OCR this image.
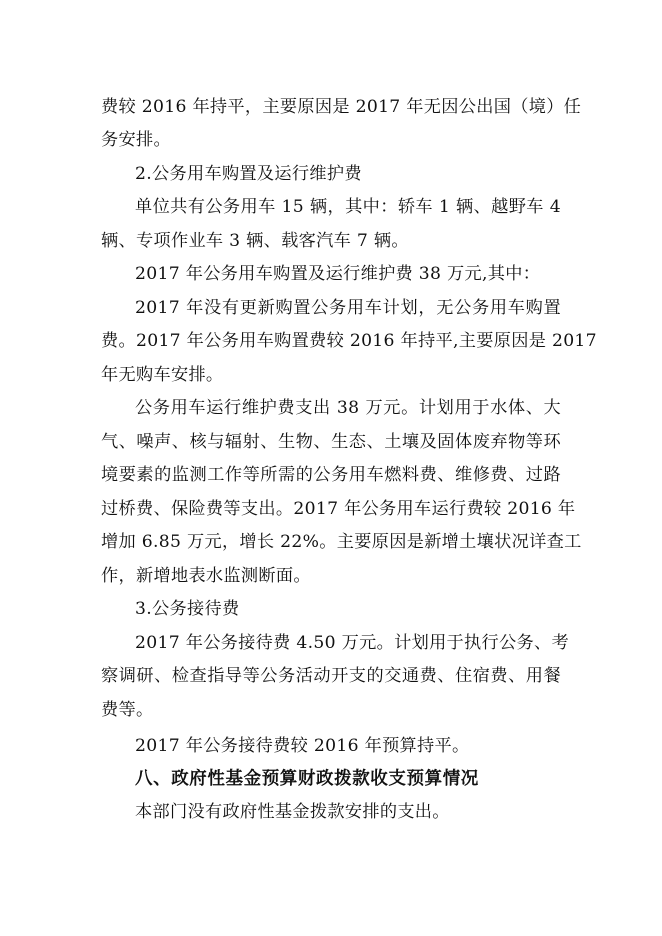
费较 2016 年持平，主要原因是 2017 年无因公出国（境）任
务安排。
2.公务用车购置及运行维护费
单位共有公务用车 15 辆，其中：轿车 1 辆、越野车 4
辆、专项作业车 3 辆、载客汽车 7 辆。
2017 年公务用车购置及运行维护费 38 万元,其中：
2017 年没有更新购置公务用车计划，无公务用车购置
费。2017 年公务用车购置费较 2016 年持平,主要原因是 2017
年无购车安排。
公务用车运行维护费支出 38 万元。计划用于水体、大
气、噪声、核与辐射、生物、生态、土壤及固体废弃物等环
境要素的监测工作等所需的公务用车燃料费、维修费、过路
过桥费、保险费等支出。2017 年公务用车运行费较 2016 年
增加 6.85 万元，增长 22%。主要原因是新增土壤状况详查工
作，新增地表水监测断面。
3.公务接待费
2017 年公务接待费 4.50 万元。计划用于执行公务、考
察调研、检查指导等公务活动开支的交通费、住宿费、用餐
费等。
2017 年公务接待费较 2016 年预算持平。
八、政府性基金预算财政拨款收支预算情况
本部门没有政府性基金拨款安排的支出。
